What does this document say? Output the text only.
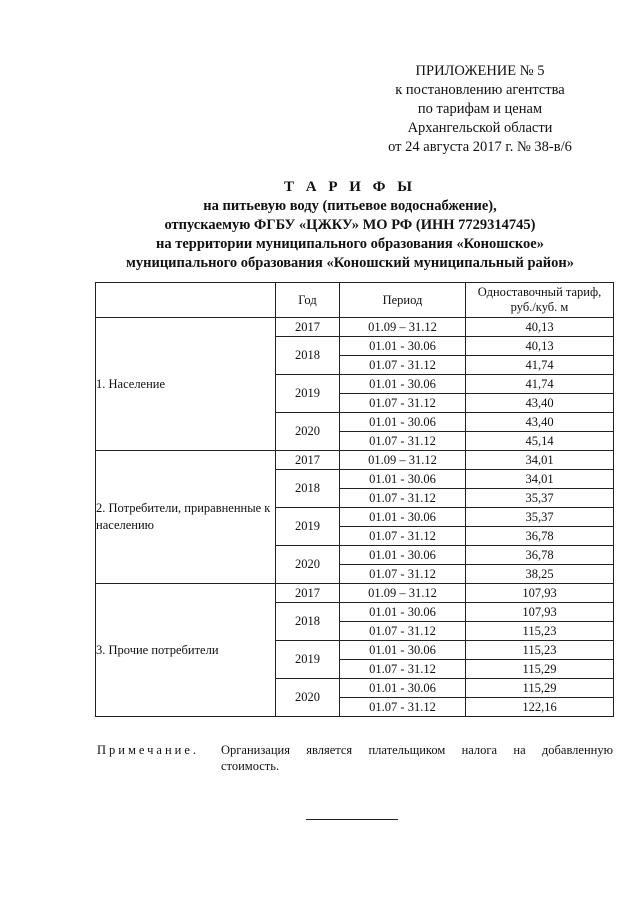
ПРИЛОЖЕНИЕ № 5
к постановлению агентства
по тарифам и ценам
Архангельской области
от 24 августа 2017 г. № 38-в/6
Т А Р И Ф Ы
на питьевую воду (питьевое водоснабжение),
отпускаемую ФГБУ «ЦЖКУ» МО РФ (ИНН 7729314745)
на территории муниципального образования «Коношское»
муниципального образования «Коношский муниципальный район»
	Год	Период	Одноставочный тариф, руб./куб. м
1. Население	2017	01.09 – 31.12	40,13
	2018	01.01 - 30.06	40,13
		01.07 - 31.12	41,74
	2019	01.01 - 30.06	41,74
		01.07 - 31.12	43,40
	2020	01.01 - 30.06	43,40
		01.07 - 31.12	45,14
2. Потребители, приравненные к населению	2017	01.09 – 31.12	34,01
	2018	01.01 - 30.06	34,01
		01.07 - 31.12	35,37
	2019	01.01 - 30.06	35,37
		01.07 - 31.12	36,78
	2020	01.01 - 30.06	36,78
		01.07 - 31.12	38,25
3. Прочие потребители	2017	01.09 – 31.12	107,93
	2018	01.01 - 30.06	107,93
		01.07 - 31.12	115,23
	2019	01.01 - 30.06	115,23
		01.07 - 31.12	115,29
	2020	01.01 - 30.06	115,29
		01.07 - 31.12	122,16
Примечание. Организация является плательщиком налога на добавленную
стоимость.
